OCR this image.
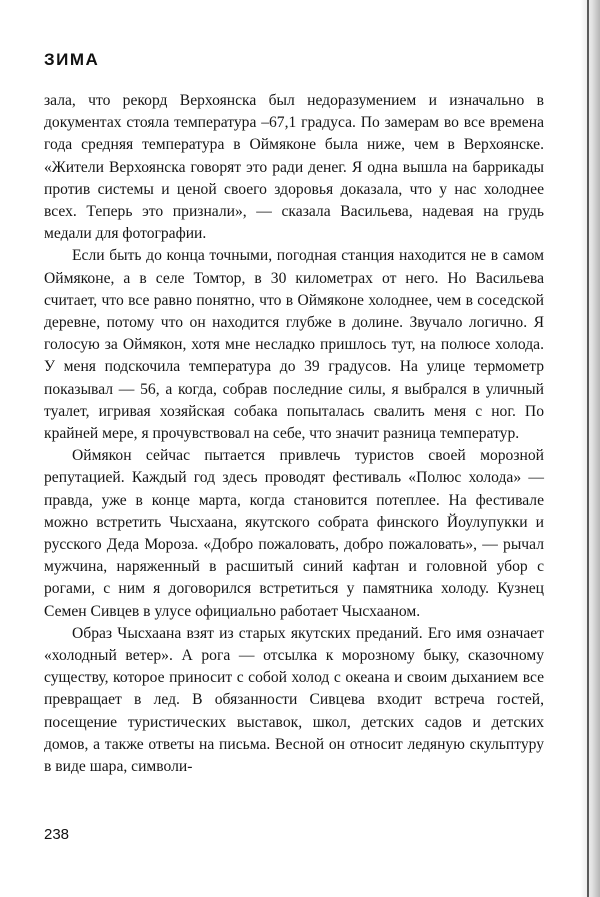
ЗИМА

зала, что рекорд Верхоянска был недоразумением и изначально в документах стояла температура –67,1 градуса. По замерам во все времена года средняя температура в Оймяконе была ниже, чем в Верхоянске. «Жители Верхоянска говорят это ради денег. Я одна вышла на баррикады против системы и ценой своего здоровья доказала, что у нас холоднее всех. Теперь это признали», — сказала Васильева, надевая на грудь медали для фотографии.

Если быть до конца точными, погодная станция находится не в самом Оймяконе, а в селе Томтор, в 30 километрах от него. Но Васильева считает, что все равно понятно, что в Оймяконе холоднее, чем в соседской деревне, потому что он находится глубже в долине. Звучало логично. Я голосую за Оймякон, хотя мне несладко пришлось тут, на полюсе холода. У меня подскочила температура до 39 градусов. На улице термометр показывал — 56, а когда, собрав последние силы, я выбрался в уличный туалет, игривая хозяйская собака попыталась свалить меня с ног. По крайней мере, я прочувствовал на себе, что значит разница температур.

Оймякон сейчас пытается привлечь туристов своей морозной репутацией. Каждый год здесь проводят фестиваль «Полюс холода» — правда, уже в конце марта, когда становится потеплее. На фестивале можно встретить Чысхаана, якутского собрата финского Йоулупукки и русского Деда Мороза. «Добро пожаловать, добро пожаловать», — рычал мужчина, наряженный в расшитый синий кафтан и головной убор с рогами, с ним я договорился встретиться у памятника холоду. Кузнец Семен Сивцев в улусе официально работает Чысхааном.

Образ Чысхаана взят из старых якутских преданий. Его имя означает «холодный ветер». А рога — отсылка к морозному быку, сказочному существу, которое приносит с собой холод с океана и своим дыханием все превращает в лед. В обязанности Сивцева входит встреча гостей, посещение туристических выставок, школ, детских садов и детских домов, а также ответы на письма. Весной он относит ледяную скульптуру в виде шара, символи-

238
